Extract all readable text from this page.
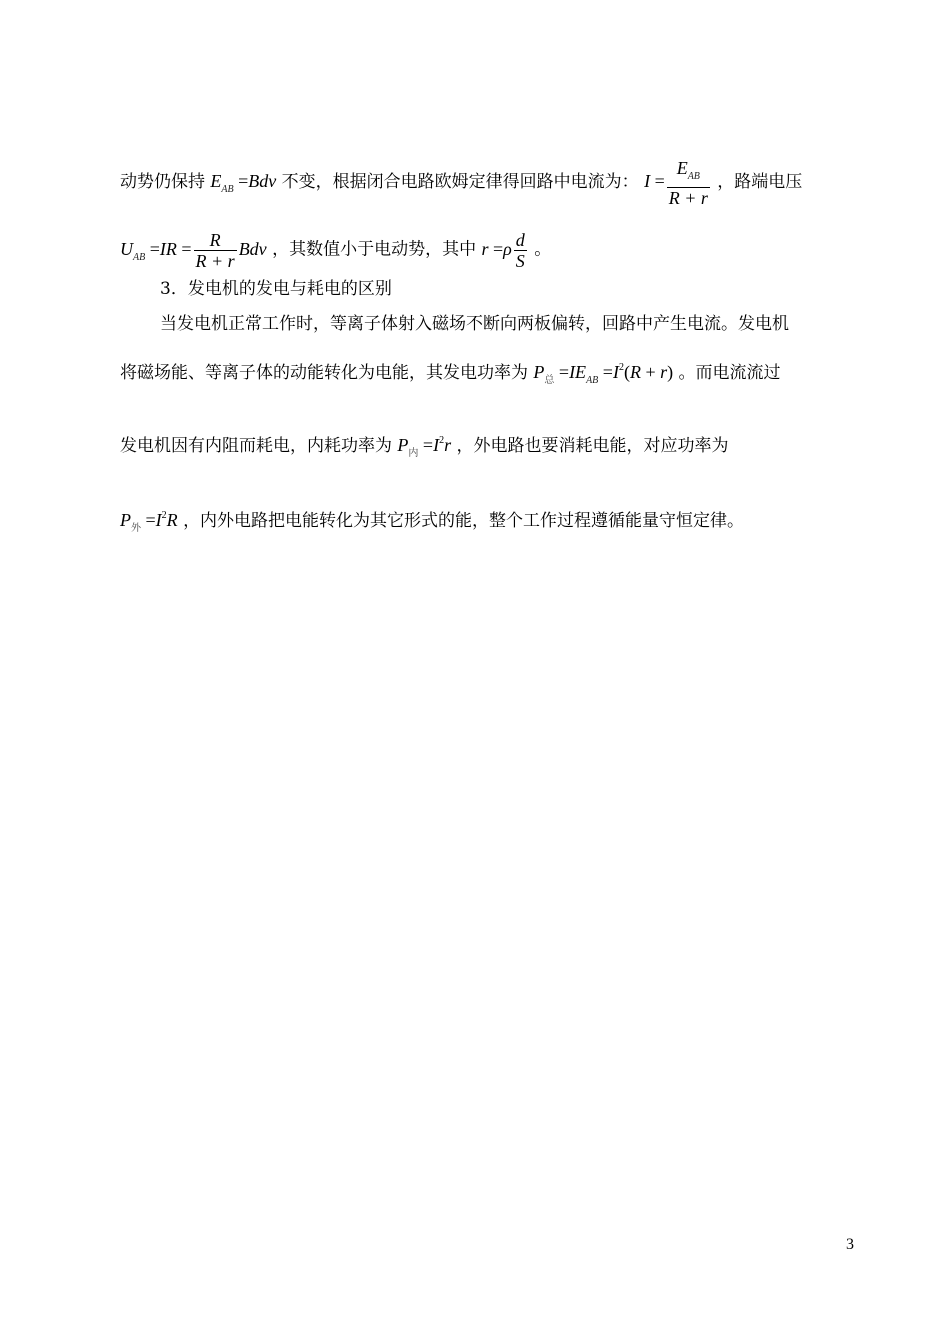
动势仍保持 $E_{AB} =Bdv$ 不变，根据闭合电路欧姆定律得回路中电流为： $I = \frac{E_{AB}}{R + r}$ ，路端电压
$U_{AB} =IR = \frac{R}{R + r}$ Bdv ，其数值小于电动势，其中 $r =\rho \frac{d}{S}$ 。
3．发电机的发电与耗电的区别
当发电机正常工作时，等离子体射入磁场不断向两板偏转，回路中产生电流。发电机
将磁场能、等离子体的动能转化为电能，其发电功率为 $P_总 =IE_{AB} =I^2(R + r)$ 。而电流流过
发电机因有内阻而耗电，内耗功率为 $P_内 =I^2r$ ，外电路也要消耗电能，对应功率为
$P_外 =I^2R$ ，内外电路把电能转化为其它形式的能，整个工作过程遵循能量守恒定律。
3
